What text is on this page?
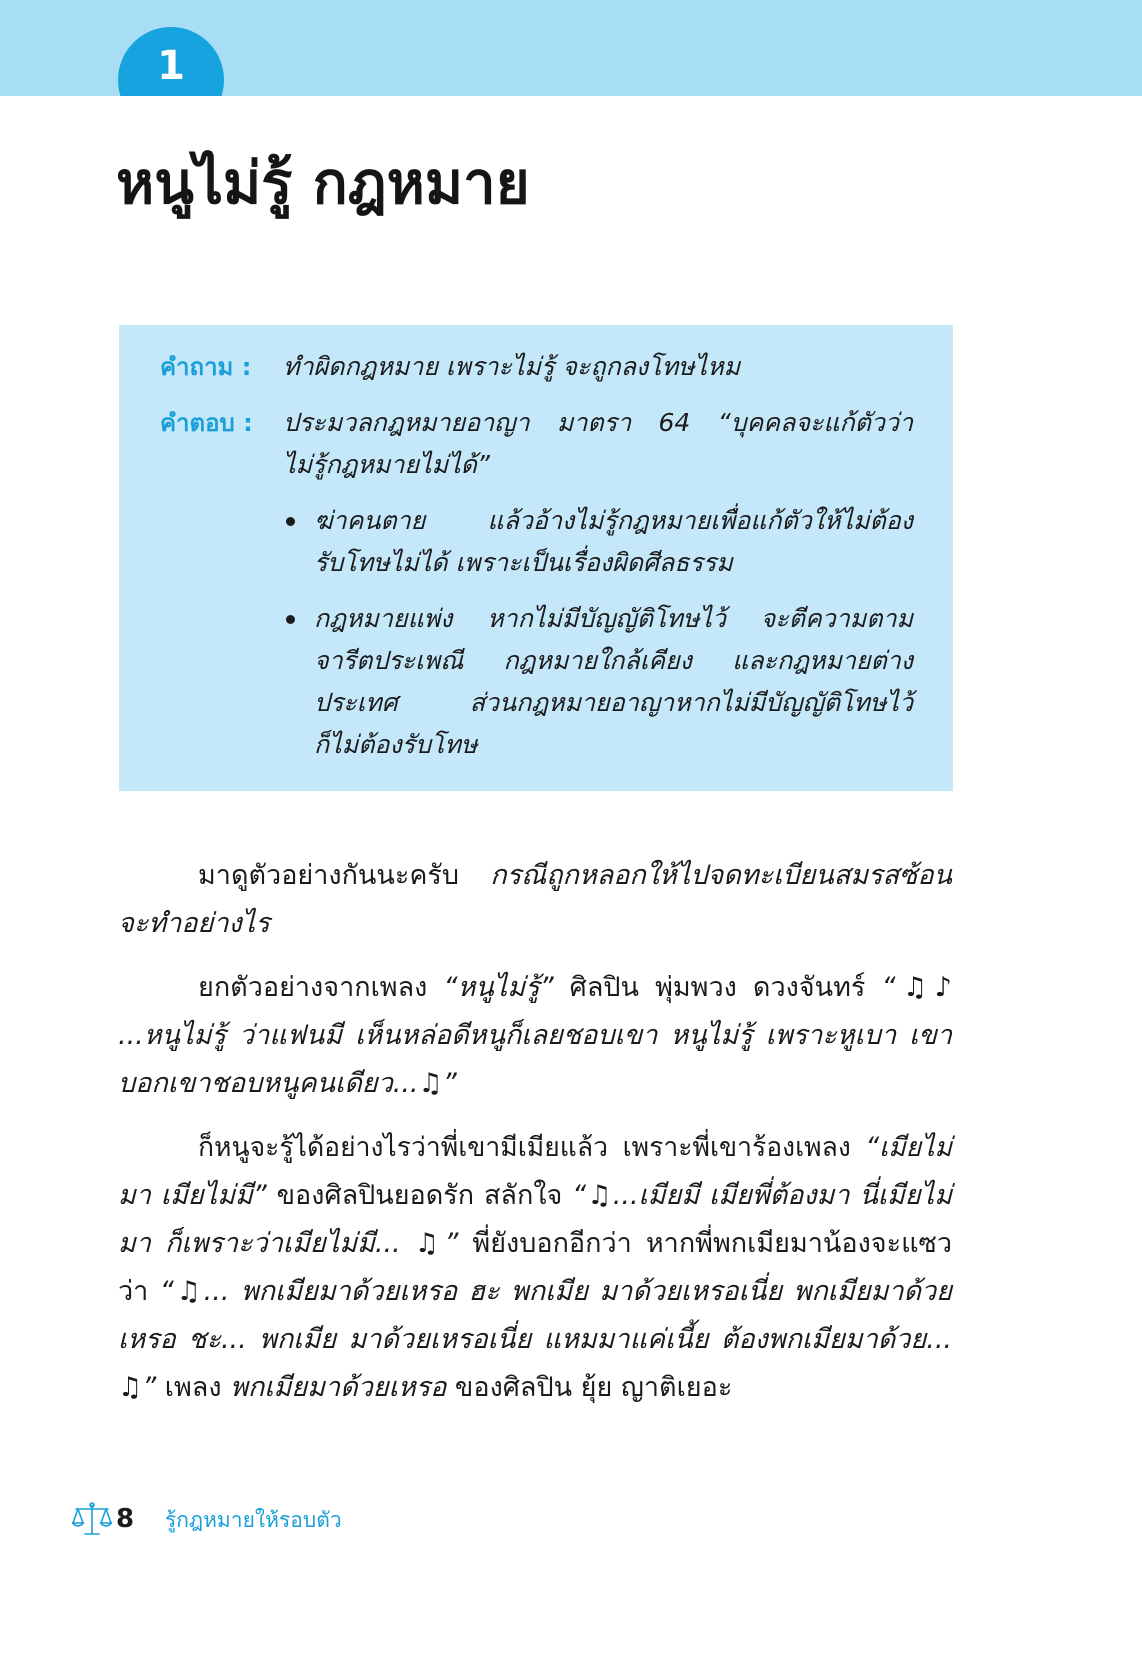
1
หนูไม่รู้ กฎหมาย
คำถาม :	ทำผิดกฎหมาย เพราะไม่รู้ จะถูกลงโทษไหม
คำตอบ :	ประมวลกฎหมายอาญา มาตรา 64 “บุคคลจะแก้ตัวว่า
ไม่รู้กฎหมายไม่ได้”
ฆ่าคนตาย แล้วอ้างไม่รู้กฎหมายเพื่อแก้ตัวให้ไม่ต้อง
รับโทษไม่ได้ เพราะเป็นเรื่องผิดศีลธรรม
กฎหมายแพ่ง หากไม่มีบัญญัติโทษไว้ จะตีความตาม
จารีตประเพณี กฎหมายใกล้เคียง และกฎหมายต่าง
ประเทศ ส่วนกฎหมายอาญาหากไม่มีบัญญัติโทษไว้
ก็ไม่ต้องรับโทษ
มาดูตัวอย่างกันนะครับ กรณีถูกหลอกให้ไปจดทะเบียนสมรสซ้อน
จะทำอย่างไร
ยกตัวอย่างจากเพลง “หนูไม่รู้” ศิลปิน พุ่มพวง ดวงจันทร์ “♫♪
...หนูไม่รู้ ว่าแฟนมี เห็นหล่อดีหนูก็เลยชอบเขา หนูไม่รู้ เพราะหูเบา เขา
บอกเขาชอบหนูคนเดียว...♫”
ก็หนูจะรู้ได้อย่างไรว่าพี่เขามีเมียแล้ว เพราะพี่เขาร้องเพลง “เมียไม่
มา เมียไม่มี” ของศิลปินยอดรัก สลักใจ “♫...เมียมี เมียพี่ต้องมา นี่เมียไม่
มา ก็เพราะว่าเมียไม่มี... ♫” พี่ยังบอกอีกว่า หากพี่พกเมียมาน้องจะแซว
ว่า “♫... พกเมียมาด้วยเหรอ ฮะ พกเมีย มาด้วยเหรอเนี่ย พกเมียมาด้วย
เหรอ ชะ... พกเมีย มาด้วยเหรอเนี่ย แหมมาแค่เนี้ย ต้องพกเมียมาด้วย...
♫” เพลง พกเมียมาด้วยเหรอ ของศิลปิน ยุ้ย ญาติเยอะ
8 รู้กฎหมายให้รอบตัว
